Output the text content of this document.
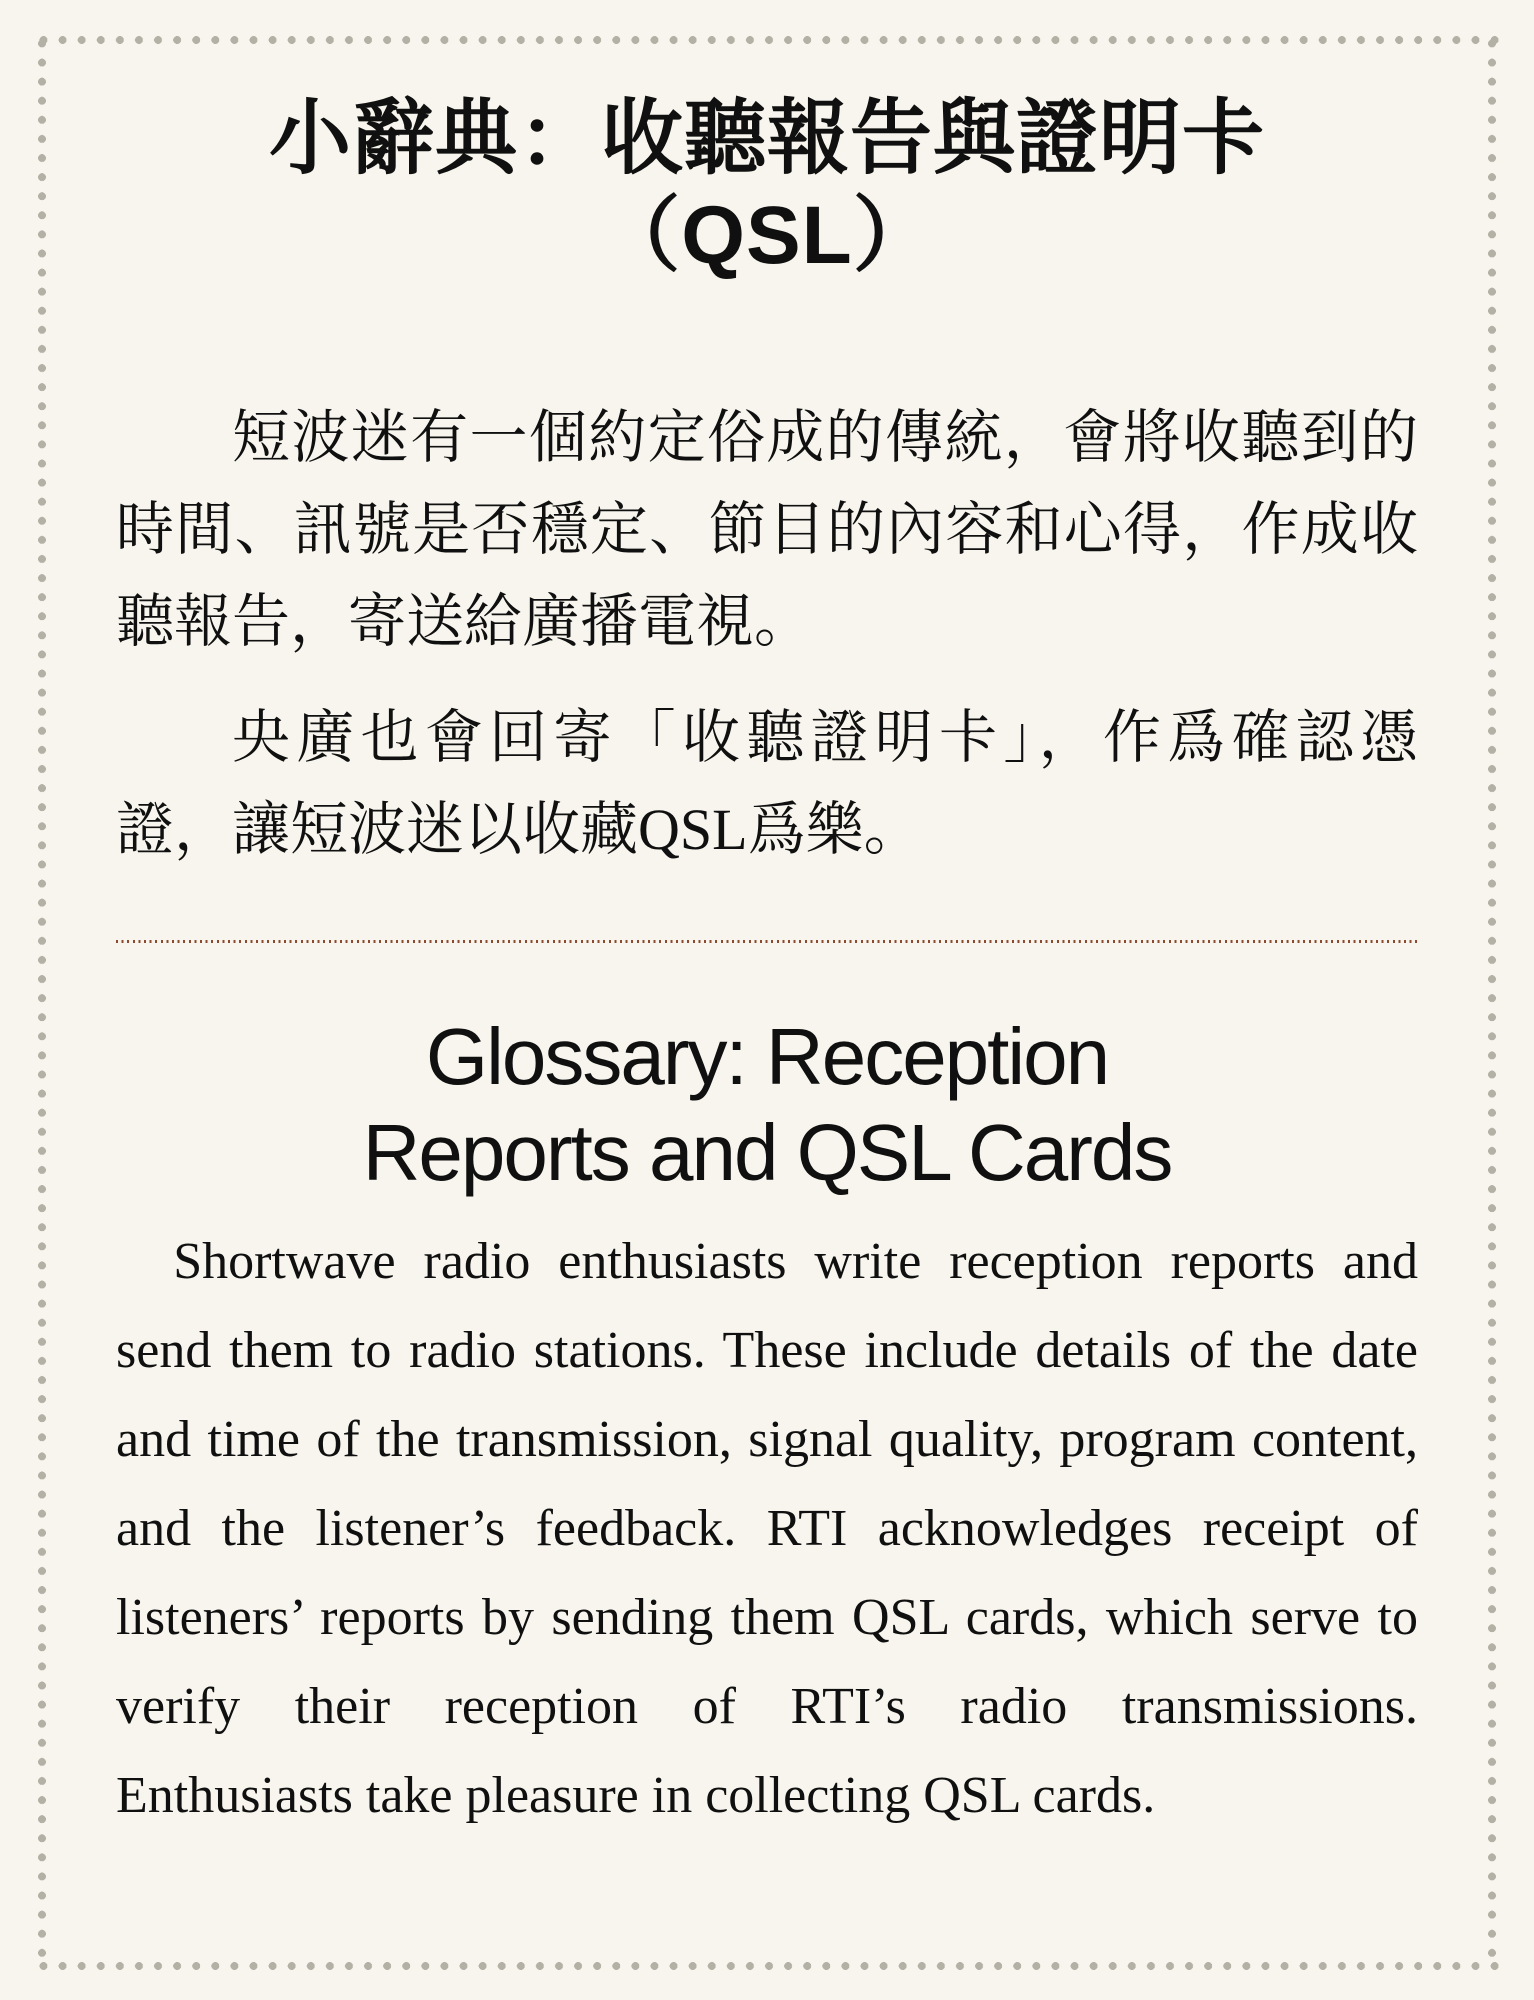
小辭典：收聽報告與證明卡
（QSL）

短波迷有一個約定俗成的傳統，會將收聽到的時間、訊號是否穩定、節目的內容和心得，作成收聽報告，寄送給廣播電視。

央廣也會回寄「收聽證明卡」，作爲確認憑證，讓短波迷以收藏QSL爲樂。

Glossary: Reception
Reports and QSL Cards

Shortwave radio enthusiasts write reception reports and send them to radio stations. These include details of the date and time of the transmission, signal quality, program content, and the listener’s feedback. RTI acknowledges receipt of listeners’ reports by sending them QSL cards, which serve to verify their reception of RTI’s radio transmissions. Enthusiasts take pleasure in collecting QSL cards.
